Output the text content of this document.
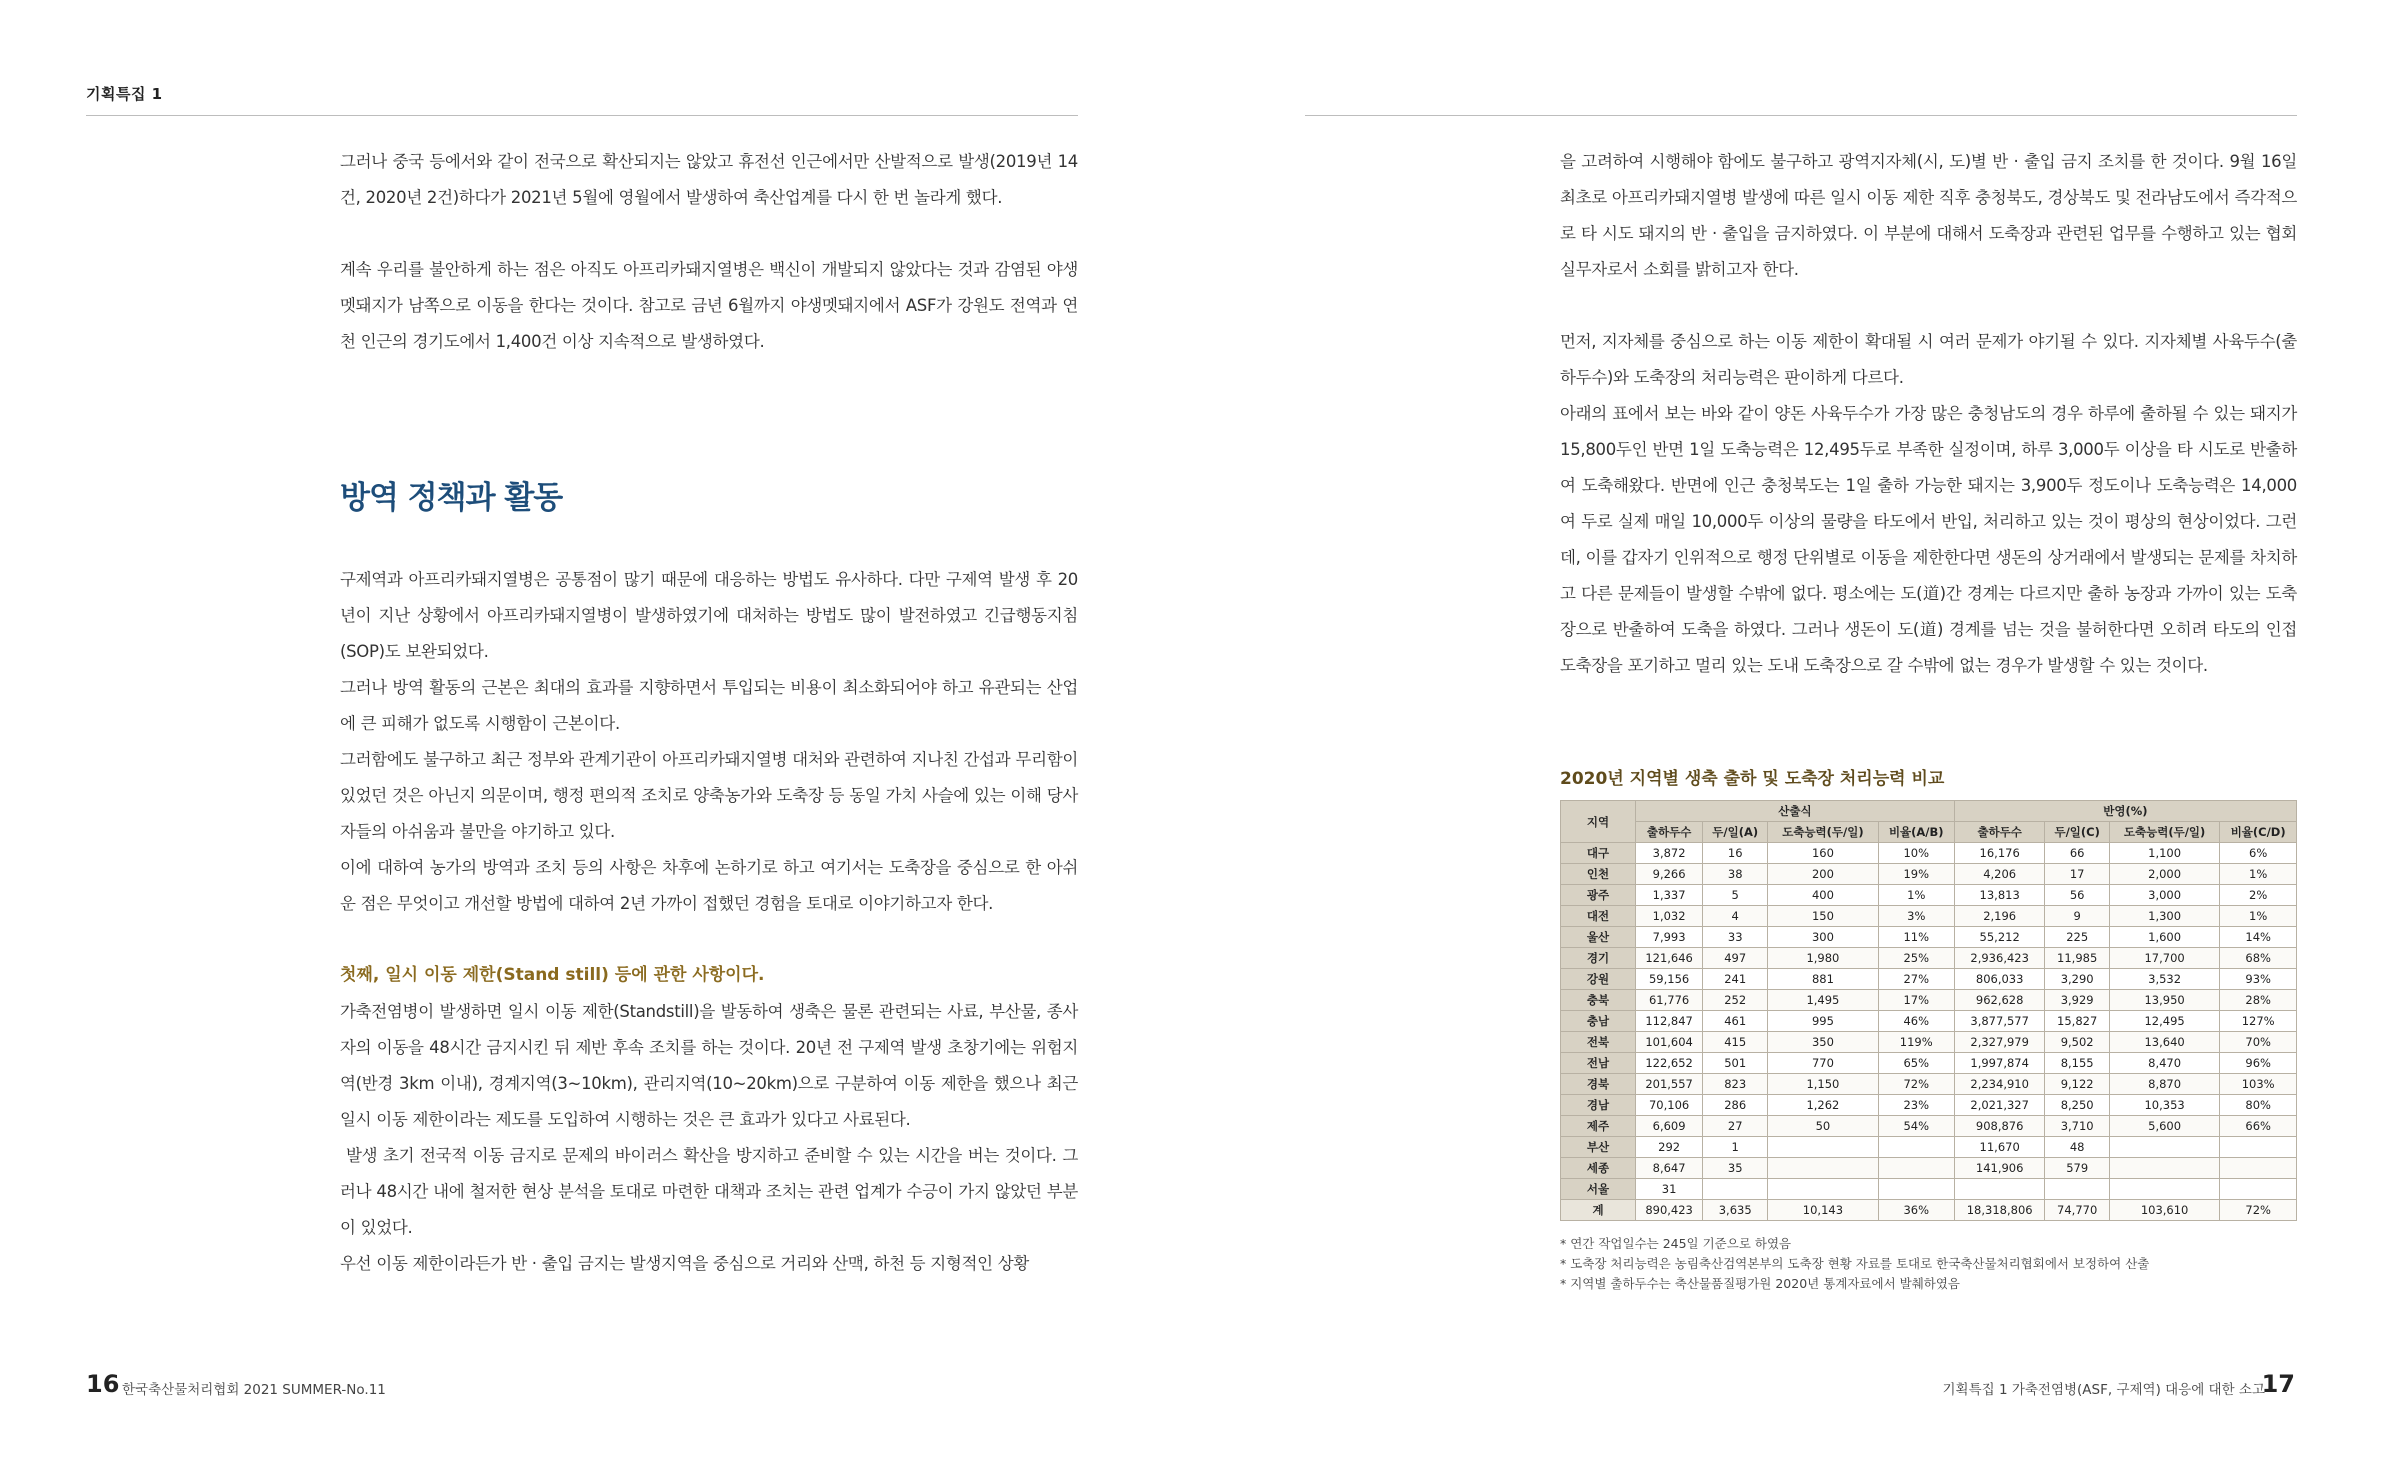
기획특집 1

그러나 중국 등에서와 같이 전국으로 확산되지는 않았고 휴전선 인근에서만 산발적으로 발생(2019년 14건, 2020년 2건)하다가 2021년 5월에 영월에서 발생하여 축산업계를 다시 한 번 놀라게 했다.

계속 우리를 불안하게 하는 점은 아직도 아프리카돼지열병은 백신이 개발되지 않았다는 것과 감염된 야생멧돼지가 남쪽으로 이동을 한다는 것이다. 참고로 금년 6월까지 야생멧돼지에서 ASF가 강원도 전역과 연천 인근의 경기도에서 1,400건 이상 지속적으로 발생하였다.

방역 정책과 활동

구제역과 아프리카돼지열병은 공통점이 많기 때문에 대응하는 방법도 유사하다. 다만 구제역 발생 후 20년이 지난 상황에서 아프리카돼지열병이 발생하였기에 대처하는 방법도 많이 발전하였고 긴급행동지침(SOP)도 보완되었다.

그러나 방역 활동의 근본은 최대의 효과를 지향하면서 투입되는 비용이 최소화되어야 하고 유관되는 산업에 큰 피해가 없도록 시행함이 근본이다.

그러함에도 불구하고 최근 정부와 관계기관이 아프리카돼지열병 대처와 관련하여 지나친 간섭과 무리함이 있었던 것은 아닌지 의문이며, 행정 편의적 조치로 양축농가와 도축장 등 동일 가치 사슬에 있는 이해 당사자들의 아쉬움과 불만을 야기하고 있다.

이에 대하여 농가의 방역과 조치 등의 사항은 차후에 논하기로 하고 여기서는 도축장을 중심으로 한 아쉬운 점은 무엇이고 개선할 방법에 대하여 2년 가까이 접했던 경험을 토대로 이야기하고자 한다.

첫째, 일시 이동 제한(Stand still) 등에 관한 사항이다.

가축전염병이 발생하면 일시 이동 제한(Standstill)을 발동하여 생축은 물론 관련되는 사료, 부산물, 종사자의 이동을 48시간 금지시킨 뒤 제반 후속 조치를 하는 것이다. 20년 전 구제역 발생 초창기에는 위험지역(반경 3km 이내), 경계지역(3~10km), 관리지역(10~20km)으로 구분하여 이동 제한을 했으나 최근 일시 이동 제한이라는 제도를 도입하여 시행하는 것은 큰 효과가 있다고 사료된다.

발생 초기 전국적 이동 금지로 문제의 바이러스 확산을 방지하고 준비할 수 있는 시간을 버는 것이다. 그러나 48시간 내에 철저한 현상 분석을 토대로 마련한 대책과 조치는 관련 업계가 수긍이 가지 않았던 부분이 있었다.

우선 이동 제한이라든가 반 · 출입 금지는 발생지역을 중심으로 거리와 산맥, 하천 등 지형적인 상황

을 고려하여 시행해야 함에도 불구하고 광역지자체(시, 도)별 반 · 출입 금지 조치를 한 것이다. 9월 16일 최초로 아프리카돼지열병 발생에 따른 일시 이동 제한 직후 충청북도, 경상북도 및 전라남도에서 즉각적으로 타 시도 돼지의 반 · 출입을 금지하였다. 이 부분에 대해서 도축장과 관련된 업무를 수행하고 있는 협회 실무자로서 소회를 밝히고자 한다.

먼저, 지자체를 중심으로 하는 이동 제한이 확대될 시 여러 문제가 야기될 수 있다. 지자체별 사육두수(출하두수)와 도축장의 처리능력은 판이하게 다르다.

아래의 표에서 보는 바와 같이 양돈 사육두수가 가장 많은 충청남도의 경우 하루에 출하될 수 있는 돼지가 15,800두인 반면 1일 도축능력은 12,495두로 부족한 실정이며, 하루 3,000두 이상을 타 시도로 반출하여 도축해왔다. 반면에 인근 충청북도는 1일 출하 가능한 돼지는 3,900두 정도이나 도축능력은 14,000여 두로 실제 매일 10,000두 이상의 물량을 타도에서 반입, 처리하고 있는 것이 평상의 현상이었다. 그런데, 이를 갑자기 인위적으로 행정 단위별로 이동을 제한한다면 생돈의 상거래에서 발생되는 문제를 차치하고 다른 문제들이 발생할 수밖에 없다. 평소에는 도(道)간 경계는 다르지만 출하 농장과 가까이 있는 도축장으로 반출하여 도축을 하였다. 그러나 생돈이 도(道) 경계를 넘는 것을 불허한다면 오히려 타도의 인접 도축장을 포기하고 멀리 있는 도내 도축장으로 갈 수밖에 없는 경우가 발생할 수 있는 것이다.

2020년 지역별 생축 출하 및 도축장 처리능력 비교
지역	산출식				반영(%)			
	출하두수	두/일(A)	도축능력(두/일)	비율(A/B)	출하두수	두/일(C)	도축능력(두/일)	비율(C/D)
대구	3,872	16	160	10%	16,176	66	1,100	6%
인천	9,266	38	200	19%	4,206	17	2,000	1%
광주	1,337	5	400	1%	13,813	56	3,000	2%
대전	1,032	4	150	3%	2,196	9	1,300	1%
울산	7,993	33	300	11%	55,212	225	1,600	14%
경기	121,646	497	1,980	25%	2,936,423	11,985	17,700	68%
강원	59,156	241	881	27%	806,033	3,290	3,532	93%
충북	61,776	252	1,495	17%	962,628	3,929	13,950	28%
충남	112,847	461	995	46%	3,877,577	15,827	12,495	127%
전북	101,604	415	350	119%	2,327,979	9,502	13,640	70%
전남	122,652	501	770	65%	1,997,874	8,155	8,470	96%
경북	201,557	823	1,150	72%	2,234,910	9,122	8,870	103%
경남	70,106	286	1,262	23%	2,021,327	8,250	10,353	80%
제주	6,609	27	50	54%	908,876	3,710	5,600	66%
부산	292	1			11,670	48		
세종	8,647	35			141,906	579		
서울	31							
계	890,423	3,635	10,143	36%	18,318,806	74,770	103,610	72%

* 연간 작업일수는 245일 기준으로 하였음

* 도축장 처리능력은 농림축산검역본부의 도축장 현황 자료를 토대로 한국축산물처리협회에서 보정하여 산출

* 지역별 출하두수는 축산물품질평가원 2020년 통계자료에서 발췌하였음

16 한국축산물처리협회 2021 SUMMER-No.11	기획특집 1 가축전염병(ASF, 구제역) 대응에 대한 소고
17
